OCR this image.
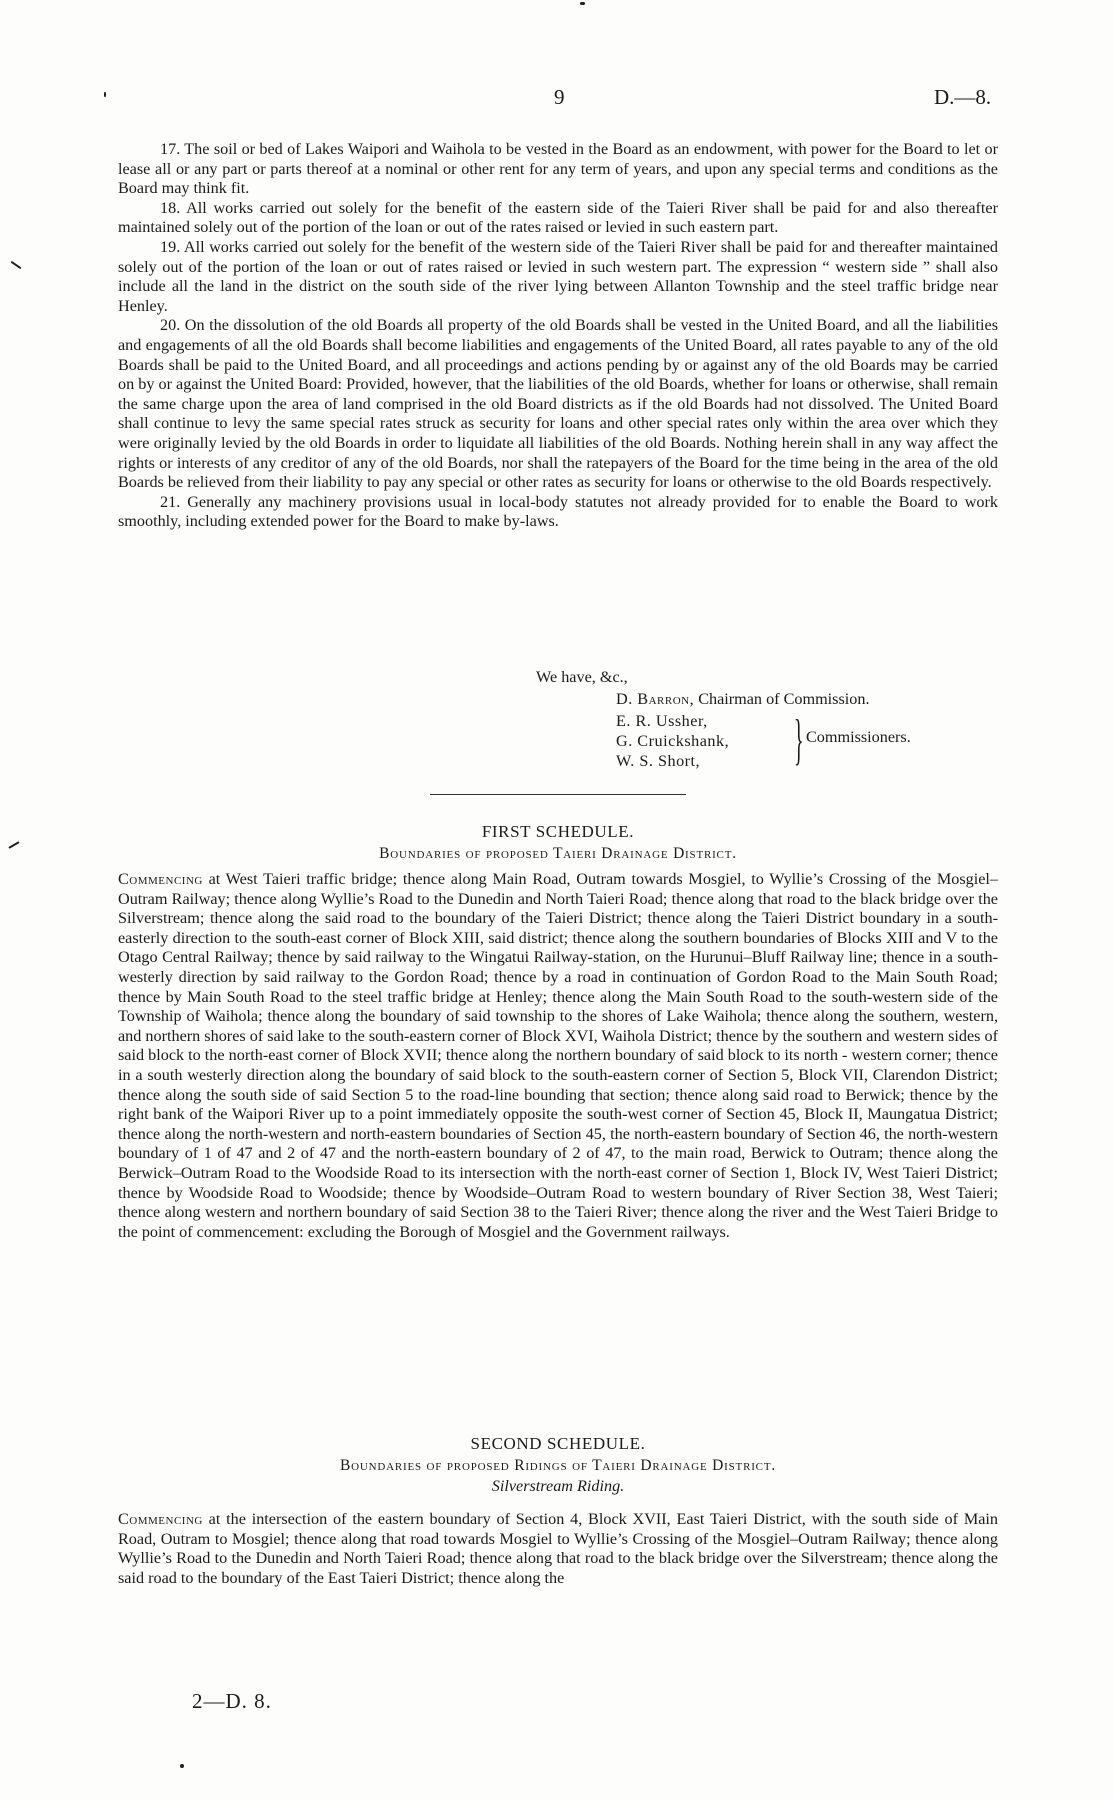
9	D.—8.

17. The soil or bed of Lakes Waipori and Waihola to be vested in the Board as an endowment, with power for the Board to let or lease all or any part or parts thereof at a nominal or other rent for any term of years, and upon any special terms and conditions as the Board may think fit.

18. All works carried out solely for the benefit of the eastern side of the Taieri River shall be paid for and also thereafter maintained solely out of the portion of the loan or out of the rates raised or levied in such eastern part.

19. All works carried out solely for the benefit of the western side of the Taieri River shall be paid for and thereafter maintained solely out of the portion of the loan or out of rates raised or levied in such western part. The expression “ western side ” shall also include all the land in the district on the south side of the river lying between Allanton Township and the steel traffic bridge near Henley.

20. On the dissolution of the old Boards all property of the old Boards shall be vested in the United Board, and all the liabilities and engagements of all the old Boards shall become liabilities and engagements of the United Board, all rates payable to any of the old Boards shall be paid to the United Board, and all proceedings and actions pending by or against any of the old Boards may be carried on by or against the United Board: Provided, however, that the liabilities of the old Boards, whether for loans or otherwise, shall remain the same charge upon the area of land comprised in the old Board districts as if the old Boards had not dissolved. The United Board shall continue to levy the same special rates struck as security for loans and other special rates only within the area over which they were originally levied by the old Boards in order to liquidate all liabilities of the old Boards. Nothing herein shall in any way affect the rights or interests of any creditor of any of the old Boards, nor shall the ratepayers of the Board for the time being in the area of the old Boards be relieved from their liability to pay any special or other rates as security for loans or otherwise to the old Boards respectively.

21. Generally any machinery provisions usual in local-body statutes not already provided for to enable the Board to work smoothly, including extended power for the Board to make by-laws.

We have, &c.,
D. Barron, Chairman of Commission.
E. R. Ussher,
G. Cruickshank,
W. S. Short, } Commissioners.
FIRST SCHEDULE.
Boundaries of proposed Taieri Drainage District.

Commencing at West Taieri traffic bridge; thence along Main Road, Outram towards Mosgiel, to Wyllie’s Crossing of the Mosgiel–Outram Railway; thence along Wyllie’s Road to the Dunedin and North Taieri Road; thence along that road to the black bridge over the Silverstream; thence along the said road to the boundary of the Taieri District; thence along the Taieri District boundary in a south-easterly direction to the south-east corner of Block XIII, said district; thence along the southern boundaries of Blocks XIII and V to the Otago Central Railway; thence by said railway to the Wingatui Railway-station, on the Hurunui–Bluff Railway line; thence in a south-westerly direction by said railway to the Gordon Road; thence by a road in continuation of Gordon Road to the Main South Road; thence by Main South Road to the steel traffic bridge at Henley; thence along the Main South Road to the south-western side of the Township of Waihola; thence along the boundary of said township to the shores of Lake Waihola; thence along the southern, western, and northern shores of said lake to the south-eastern corner of Block XVI, Waihola District; thence by the southern and western sides of said block to the north-east corner of Block XVII; thence along the northern boundary of said block to its north - western corner; thence in a south westerly direction along the boundary of said block to the south-eastern corner of Section 5, Block VII, Clarendon District; thence along the south side of said Section 5 to the road-line bounding that section; thence along said road to Berwick; thence by the right bank of the Waipori River up to a point immediately opposite the south-west corner of Section 45, Block II, Maungatua District; thence along the north-western and north-eastern boundaries of Section 45, the north-eastern boundary of Section 46, the north-western boundary of 1 of 47 and 2 of 47 and the north-eastern boundary of 2 of 47, to the main road, Berwick to Outram; thence along the Berwick–Outram Road to the Woodside Road to its intersection with the north-east corner of Section 1, Block IV, West Taieri District; thence by Woodside Road to Woodside; thence by Woodside–Outram Road to western boundary of River Section 38, West Taieri; thence along western and northern boundary of said Section 38 to the Taieri River; thence along the river and the West Taieri Bridge to the point of commencement: excluding the Borough of Mosgiel and the Government railways.

SECOND SCHEDULE.
Boundaries of proposed Ridings of Taieri Drainage District.
Silverstream Riding.

Commencing at the intersection of the eastern boundary of Section 4, Block XVII, East Taieri District, with the south side of Main Road, Outram to Mosgiel; thence along that road towards Mosgiel to Wyllie’s Crossing of the Mosgiel–Outram Railway; thence along Wyllie’s Road to the Dunedin and North Taieri Road; thence along that road to the black bridge over the Silverstream; thence along the said road to the boundary of the East Taieri District; thence along the

2—D. 8.
